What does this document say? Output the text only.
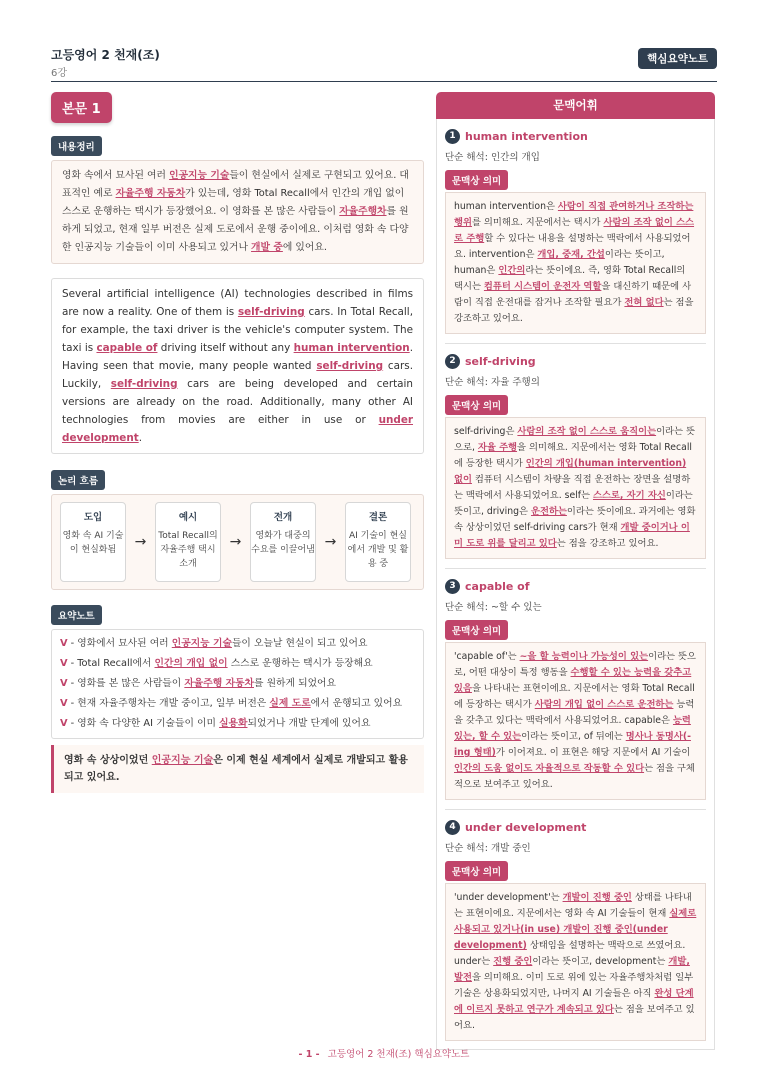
고등영어 2 천재(조)
6강
핵심요약노트
본문 1
내용정리
영화 속에서 묘사된 여러 인공지능 기술들이 현실에서 실제로 구현되고 있어요. 대표적인 예로 자율주행 자동차가 있는데, 영화 Total Recall에서 인간의 개입 없이 스스로 운행하는 택시가 등장했어요. 이 영화를 본 많은 사람들이 자율주행차를 원하게 되었고, 현재 일부 버전은 실제 도로에서 운행 중이에요. 이처럼 영화 속 다양한 인공지능 기술들이 이미 사용되고 있거나 개발 중에 있어요.
Several artificial intelligence (AI) technologies described in films are now a reality. One of them is self-driving cars. In Total Recall, for example, the taxi driver is the vehicle's computer system. The taxi is capable of driving itself without any human intervention. Having seen that movie, many people wanted self-driving cars. Luckily, self-driving cars are being developed and certain versions are already on the road. Additionally, many other AI technologies from movies are either in use or under development.
논리 흐름
도입
영화 속 AI 기술이 현실화됨	→
예시
Total Recall의 자율주행 택시 소개
→
전개
영화가 대중의 수요를 이끌어냄 →
결론
AI 기술이 현실에서 개발 및 활용 중
요약노트
V - 영화에서 묘사된 여러 인공지능 기술들이 오늘날 현실이 되고 있어요
V - Total Recall에서 인간의 개입 없이 스스로 운행하는 택시가 등장해요
V - 영화를 본 많은 사람들이 자율주행 자동차를 원하게 되었어요
V - 현재 자율주행차는 개발 중이고, 일부 버전은 실제 도로에서 운행되고 있어요
V - 영화 속 다양한 AI 기술들이 이미 실용화되었거나 개발 단계에 있어요
영화 속 상상이었던 인공지능 기술은 이제 현실 세계에서 실제로 개발되고 활용되고 있어요.
문맥어휘
1 human intervention
단순 해석: 인간의 개입
문맥상 의미
human intervention은 사람이 직접 관여하거나 조작하는 행위를 의미해요. 지문에서는 택시가 사람의 조작 없이 스스로 주행할 수 있다는 내용을 설명하는 맥락에서 사용되었어요. intervention은 개입, 중재, 간섭이라는 뜻이고, human은 인간의라는 뜻이에요. 즉, 영화 Total Recall의 택시는 컴퓨터 시스템이 운전자 역할을 대신하기 때문에 사람이 직접 운전대를 잡거나 조작할 필요가 전혀 없다는 점을 강조하고 있어요.
2 self-driving
단순 해석: 자율 주행의
문맥상 의미
self-driving은 사람의 조작 없이 스스로 움직이는이라는 뜻으로, 자율 주행을 의미해요. 지문에서는 영화 Total Recall에 등장한 택시가 인간의 개입(human intervention) 없이 컴퓨터 시스템이 차량을 직접 운전하는 장면을 설명하는 맥락에서 사용되었어요. self는 스스로, 자기 자신이라는 뜻이고, driving은 운전하는이라는 뜻이에요. 과거에는 영화 속 상상이었던 self-driving cars가 현재 개발 중이거나 이미 도로 위를 달리고 있다는 점을 강조하고 있어요.
3 capable of
단순 해석: ~할 수 있는
문맥상 의미
'capable of'는 ~을 할 능력이나 가능성이 있는이라는 뜻으로, 어떤 대상이 특정 행동을 수행할 수 있는 능력을 갖추고 있음을 나타내는 표현이에요. 지문에서는 영화 Total Recall에 등장하는 택시가 사람의 개입 없이 스스로 운전하는 능력을 갖추고 있다는 맥락에서 사용되었어요. capable은 능력 있는, 할 수 있는이라는 뜻이고, of 뒤에는 명사나 동명사(-ing 형태)가 이어져요. 이 표현은 해당 지문에서 AI 기술이 인간의 도움 없이도 자율적으로 작동할 수 있다는 점을 구체적으로 보여주고 있어요.
4 under development
단순 해석: 개발 중인
문맥상 의미
'under development'는 개발이 진행 중인 상태를 나타내는 표현이에요. 지문에서는 영화 속 AI 기술들이 현재 실제로 사용되고 있거나(in use) 개발이 진행 중인(under development) 상태임을 설명하는 맥락으로 쓰였어요. under는 진행 중인이라는 뜻이고, development는 개발, 발전을 의미해요. 이미 도로 위에 있는 자율주행차처럼 일부 기술은 상용화되었지만, 나머지 AI 기술들은 아직 완성 단계에 이르지 못하고 연구가 계속되고 있다는 점을 보여주고 있어요.
- 1 - 고등영어 2 천재(조) 핵심요약노트
